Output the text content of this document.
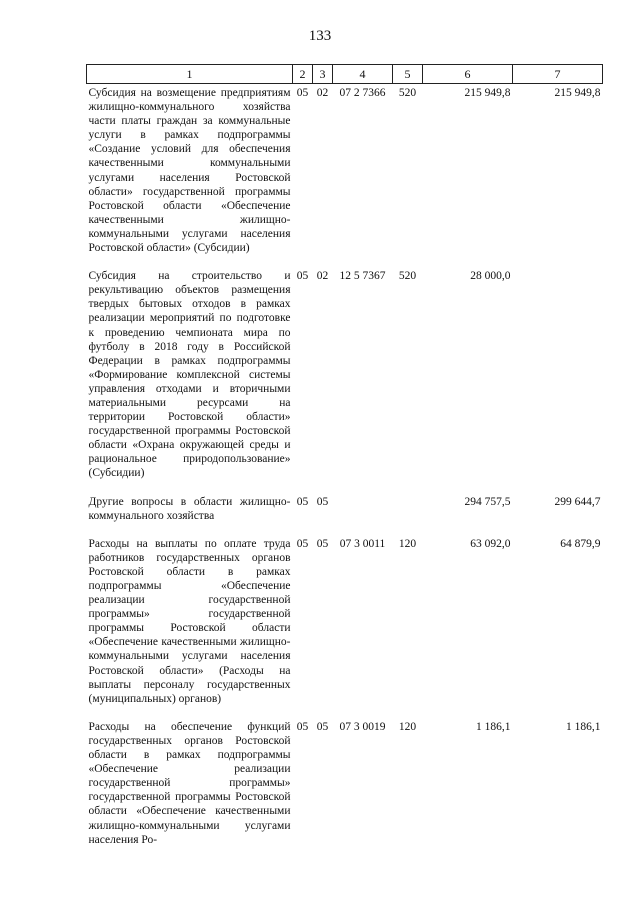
133
1	2	3	4	5	6	7
Субсидия на возмещение предприятиям жилищно-коммунального хозяйства части платы граждан за коммунальные услуги в рамках подпрограммы «Создание условий для обеспечения качественными коммунальными услугами населения Ростовской области» государственной программы Ростовской области «Обеспечение качественными жилищно-коммунальными услугами населения Ростовской области» (Субсидии)	05	02	07 2 7366	520	215 949,8	215 949,8
Субсидия на строительство и рекультивацию объектов размещения твердых бытовых отходов в рамках реализации мероприятий по подготовке к проведению чемпионата мира по футболу в 2018 году в Российской Федерации в рамках подпрограммы «Формирование комплексной системы управления отходами и вторичными материальными ресурсами на территории Ростовской области» государственной программы Ростовской области «Охрана окружающей среды и рациональное природопользование» (Субсидии)	05	02	12 5 7367	520	28 000,0	
Другие вопросы в области жилищно-коммунального хозяйства	05	05			294 757,5	299 644,7
Расходы на выплаты по оплате труда работников государственных органов Ростовской области в рамках подпрограммы «Обеспечение реализации государственной программы» государственной программы Ростовской области «Обеспечение качественными жилищно-коммунальными услугами населения Ростовской области» (Расходы на выплаты персоналу государственных (муниципальных) органов)	05	05	07 3 0011	120	63 092,0	64 879,9
Расходы на обеспечение функций государственных органов Ростовской области в рамках подпрограммы «Обеспечение реализации государственной программы» государственной программы Ростовской области «Обеспечение качественными жилищно-коммунальными услугами населения Ро-	05	05	07 3 0019	120	1 186,1	1 186,1
